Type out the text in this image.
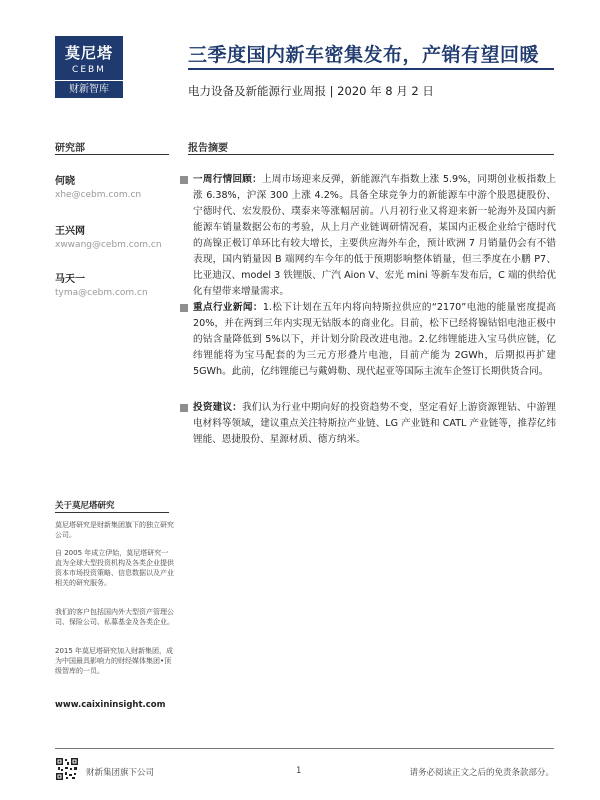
莫尼塔
CEBM
财新智库
三季度国内新车密集发布，产销有望回暖
电力设备及新能源行业周报 | 2020 年 8 月 2 日
研究部	报告摘要
何晓
xhe@cebm.com.cn
王兴网
xwwang@cebm.com.cn
马天一
tyma@cebm.com.cn
一周行情回顾：上周市场迎来反弹，新能源汽车指数上涨 5.9%，同期创业板指数上涨 6.38%，沪深 300 上涨 4.2%。具备全球竞争力的新能源车中游个股恩捷股份、宁德时代、宏发股份、璞泰来等涨幅居前。八月初行业又将迎来新一轮海外及国内新能源车销量数据公布的考验，从上月产业链调研情况看，某国内正极企业给宁德时代的高镍正极订单环比有较大增长，主要供应海外车企，预计欧洲 7 月销量仍会有不错表现，国内销量因 B 端网约车今年的低于预期影响整体销量，但三季度在小鹏 P7、比亚迪汉、model 3 铁锂版、广汽 Aion V、宏光 mini 等新车发布后，C 端的供给优化有望带来增量需求。
重点行业新闻：1.松下计划在五年内将向特斯拉供应的“2170”电池的能量密度提高 20%，并在两到三年内实现无钴版本的商业化。目前，松下已经将镍钴铝电池正极中的钴含量降低到 5%以下，并计划分阶段改进电池。2.亿纬锂能进入宝马供应链，亿纬锂能将为宝马配套的为三元方形叠片电池，目前产能为 2GWh，后期拟再扩建 5GWh。此前，亿纬锂能已与戴姆勒、现代起亚等国际主流车企签订长期供货合同。
投资建议：我们认为行业中期向好的投资趋势不变，坚定看好上游资源锂钴、中游锂电材料等领域，建议重点关注特斯拉产业链、LG 产业链和 CATL 产业链等，推荐亿纬锂能、恩捷股份、星源材质、德方纳米。
关于莫尼塔研究
莫尼塔研究是财新集团旗下的独立研究公司。
自 2005 年成立伊始，莫尼塔研究一直为全球大型投资机构及各类企业提供资本市场投资策略、信息数据以及产业相关的研究服务。
我们的客户包括国内外大型资产管理公司、保险公司、私募基金及各类企业。
2015 年莫尼塔研究加入财新集团，成为中国最具影响力的财经媒体集团•顶级智库的一员。
www.caixininsight.com
财新集团旗下公司	1	请务必阅读正文之后的免责条款部分。
